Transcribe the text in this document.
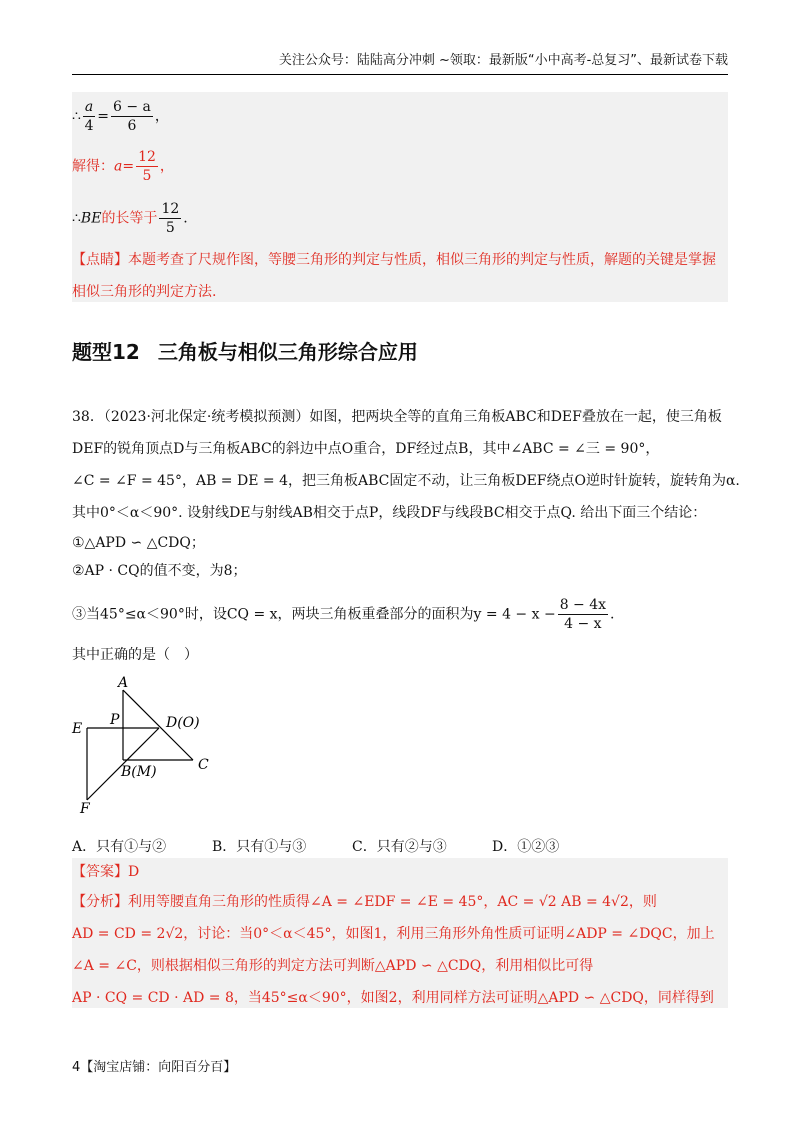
关注公众号：陆陆高分冲刺 ~领取：最新版“小中高考-总复习”、最新试卷下载
∴ $\frac{a}{4} = \frac{6 - a}{6}$ ，
解得：$a= \frac{12}{5}$ ，
∴BE的长等于 $\frac{12}{5}$ .
【点睛】本题考查了尺规作图，等腰三角形的判定与性质，相似三角形的判定与性质，解题的关键是掌握
相似三角形的判定方法.
题型12 三角板与相似三角形综合应用
38．（2023·河北保定·统考模拟预测）如图，把两块全等的直角三角板ABC和DEF叠放在一起，使三角板
DEF的锐角顶点D与三角板ABC的斜边中点O重合，DF经过点B，其中∠ABC = ∠三 = 90°，
∠C = ∠F = 45°，AB = DE = 4，把三角板ABC固定不动，让三角板DEF绕点O逆时针旋转，旋转角为α.
其中0°＜α＜90°. 设射线DE与射线AB相交于点P，线段DF与线段BC相交于点Q. 给出下面三个结论：
①△APD ∽ △CDQ；
②AP · CQ的值不变，为8；
③当45°≤α＜90°时，设CQ = x，两块三角板重叠部分的面积为$y = 4 - x - \frac{8 - 4x}{4 - x}$ .
其中正确的是（　）
A
P	D(O)
E
C
B(M)
F
A．只有①与②	B．只有①与③	C．只有②与③	D．①②③
【答案】D
【分析】利用等腰直角三角形的性质得∠A = ∠EDF = ∠E = 45°，AC = √2 AB = 4√2，则
AD = CD = 2√2，讨论：当0°＜α＜45°，如图1，利用三角形外角性质可证明∠ADP = ∠DQC，加上
∠A = ∠C，则根据相似三角形的判定方法可判断△APD ∽ △CDQ，利用相似比可得
AP · CQ = CD · AD = 8，当45°≤α＜90°，如图2，利用同样方法可证明△APD ∽ △CDQ，同样得到
4【淘宝店铺：向阳百分百】
